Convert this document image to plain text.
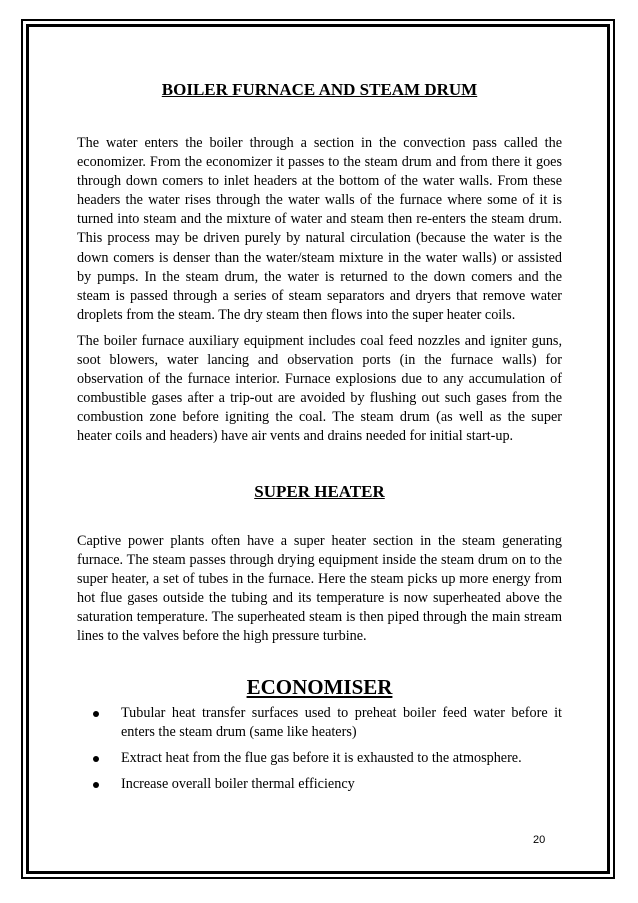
BOILER FURNACE AND STEAM DRUM

The water enters the boiler through a section in the convection pass called the economizer. From the economizer it passes to the steam drum and from there it goes through down comers to inlet headers at the bottom of the water walls. From these headers the water rises through the water walls of the furnace where some of it is turned into steam and the mixture of water and steam then re-enters the steam drum. This process may be driven purely by natural circulation (because the water is the down comers is denser than the water/steam mixture in the water walls) or assisted by pumps. In the steam drum, the water is returned to the down comers and the steam is passed through a series of steam separators and dryers that remove water droplets from the steam. The dry steam then flows into the super heater coils.

The boiler furnace auxiliary equipment includes coal feed nozzles and igniter guns, soot blowers, water lancing and observation ports (in the furnace walls) for observation of the furnace interior. Furnace explosions due to any accumulation of combustible gases after a trip-out are avoided by flushing out such gases from the combustion zone before igniting the coal. The steam drum (as well as the super heater coils and headers) have air vents and drains needed for initial start-up.

SUPER HEATER

Captive power plants often have a super heater section in the steam generating furnace. The steam passes through drying equipment inside the steam drum on to the super heater, a set of tubes in the furnace. Here the steam picks up more energy from hot flue gases outside the tubing and its temperature is now superheated above the saturation temperature. The superheated steam is then piped through the main stream lines to the valves before the high pressure turbine.

ECONOMISER
Tubular heat transfer surfaces used to preheat boiler feed water before it enters the steam drum (same like heaters)
Extract heat from the flue gas before it is exhausted to the atmosphere.
Increase overall boiler thermal efficiency
20
